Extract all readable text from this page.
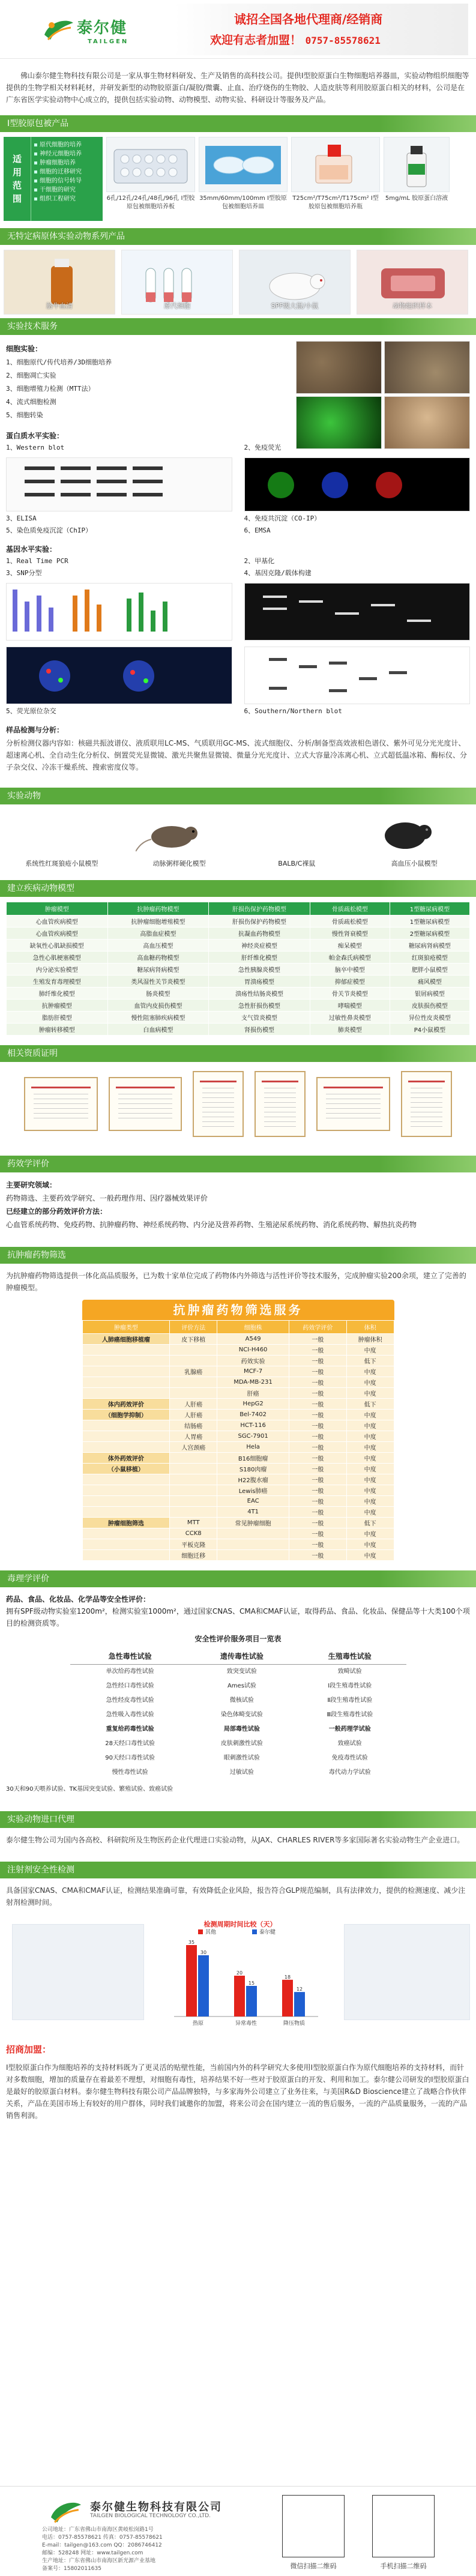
泰尔健
TAILGEN
诚招全国各地代理商/经销商
欢迎有志者加盟！ 0757-85578621
佛山泰尔健生物科技有限公司是一家从事生物材料研发、生产及销售的高科技公司。提供Ⅰ型胶原蛋白生物细胞培养器皿，实验动物组织细胞等提供的生物学相关材料耗材，并研发新型的动物胶原蛋白/凝胶/微囊、止血、治疗烧伤的生物胶、人造皮肤等利用胶原蛋白相关的材料，公司是在广东省医学实验动物中心成立的，提供包括实验动物、动物模型、动物实验、科研设计等服务及产品。
Ⅰ型胶原包被产品
适
用
范
围
▪ 原代细胞的培养
▪ 神经元细胞培养
▪ 肿瘤细胞培养
▪ 细胞的迁移研究
▪ 细胞的信号转导
▪ 干细胞的研究
▪ 组织工程研究	6孔/12孔/24孔/48孔/96孔 Ⅰ型胶原包被细胞培养板
35mm/60mm/100mm Ⅰ型胶原包被细胞培养皿
T25cm²/T75cm²/T175cm² Ⅰ型胶原包被细胞培养瓶
5mg/mL 胶原蛋白溶液
无特定病原体实验动物系列产品
胎牛血清	原代细胞	SPF级大鼠/小鼠	动物组织样本
实验技术服务
细胞实验：
1、细胞原代/传代培养/3D细胞培养
2、细胞凋亡实验
3、细胞增殖力检测（MTT法）
4、流式细胞检测
5、细胞转染
蛋白质水平实验：
1、Western blot	2、免疫荧光
3、ELISA	4、免疫共沉淀（CO-IP）
5、染色质免疫沉淀（ChIP）	6、EMSA
基因水平实验：
1、Real Time PCR	2、甲基化
3、SNP分型	4、基因克隆/载体构建
5、荧光原位杂交	6、Southern/Northern blot
样品检测与分析：
分析检测仪器内容如：核磁共振波谱仪、液质联用LC-MS、气质联用GC-MS、流式细胞仪、分析/制备型高效液相色谱仪、紫外可见分光光度计、超速离心机、全自动生化分析仪、倒置荧光显微镜、激光共聚焦显微镜、微量分光光度计、立式大容量冷冻离心机、立式超低温冰箱、酶标仪、分子杂交仪、冷冻干燥系统、搜索密度仪等。
实验动物
系统性红斑狼疮小鼠模型	动脉粥样硬化模型	BALB/C裸鼠	高血压小鼠模型
建立疾病动物模型
肿瘤模型	抗肿瘤药物模型	肝损伤保护药物模型	骨质疏松模型	1型糖尿病模型
心血管疾病模型	抗肿瘤细胞增殖模型	肝损伤保护药物模型	骨质疏松模型	1型糖尿病模型
心血管疾病模型	高脂血症模型	抗凝血药物模型	慢性肾衰模型	2型糖尿病模型
缺氧性心肌缺损模型	高血压模型	神经炎症模型	痴呆模型	糖尿病肾病模型
急性心肌梗塞模型	高血糖药物模型	肝纤维化模型	帕金森氏病模型	红斑狼疮模型
内分泌实验模型	糖尿病肾病模型	急性胰腺炎模型	脑卒中模型	肥胖小鼠模型
生殖发育毒理模型	类风湿性关节炎模型	胃溃疡模型	抑郁症模型	痛风模型
肺纤维化模型	肠炎模型	溃疡性结肠炎模型	骨关节炎模型	银屑病模型
抗肿瘤模型	血管内皮损伤模型	急性肝损伤模型	哮喘模型	皮肤损伤模型
脂肪肝模型	慢性阻塞肺疾病模型	支气管炎模型	过敏性鼻炎模型	异位性皮炎模型
肿瘤转移模型	白血病模型	肾损伤模型	肺炎模型	P4小鼠模型
相关资质证明
药效学评价
主要研究领域：
药物筛选、主要药效学研究、一般药理作用、因疗器械效果评价
已经建立的部分药效评价方法：
心血管系统药物、免疫药物、抗肿瘤药物、神经系统药物、内分泌及营养药物、生殖泌尿系统药物、消化系统药物、解热抗炎药物
抗肿瘤药物筛选
为抗肿瘤药物筛选提供一体化高品质服务，已为数十家单位完成了药物体内外筛选与活性评价等技术服务，完成肿瘤实验200余项，建立了完善的肿瘤模型。
抗肿瘤药物筛选服务
肿瘤类型	评价方法	细胞株	药效学评价	体积
人肺癌细胞移植瘤	皮下移植	A549	一般	肿瘤体积
		NCI-H460	一般	中度
		药效实验	一般	低下
	乳腺癌	MCF-7	一般	中度
		MDA-MB-231	一般	中度
		肝癌	一般	中度
体内药效评价	人肝癌	HepG2	一般	低下
（细胞学抑制）	人肝癌	Bel-7402	一般	中度
	结肠癌	HCT-116	一般	中度
	人胃癌	SGC-7901	一般	中度
	人宫颈癌	Hela	一般	中度
体外药效评价		B16细胞瘤	一般	中度
（小鼠移植）		S180肉瘤	一般	中度
		H22腹水瘤	一般	中度
		Lewis肺癌	一般	中度
		EAC	一般	中度
		4T1	一般	中度
肿瘤细胞筛选	MTT	常见肿瘤细胞	一般	低下
	CCK8		一般	中度
	平板克隆		一般	中度
	细胞迁移		一般	中度
毒理学评价
药品、食品、化妆品、化学品等安全性评价：
拥有SPF级动物实验室1200m²，检测实验室1000m²，通过国家CNAS、CMA和CMAF认证，取得药品、食品、化妆品、保健品等十大类100个项目的检测资质等。
安全性评价服务项目一览表
急性毒性试验	遗传毒性试验	生殖毒性试验
单次给药毒性试验	致突变试验	致畸试验
急性经口毒性试验	Ames试验	Ⅰ段生殖毒性试验
急性经皮毒性试验	微核试验	Ⅱ段生殖毒性试验
急性吸入毒性试验	染色体畸变试验	Ⅲ段生殖毒性试验
重复给药毒性试验	局部毒性试验	一般药理学试验
28天经口毒性试验	皮肤刺激性试验	致癌试验
90天经口毒性试验	眼刺激性试验	免疫毒性试验
慢性毒性试验	过敏试验	毒代动力学试验
30天和90天喂养试验、TK基因突变试验、繁殖试验、致癌试验
实验动物进口代理
泰尔健生物公司为国内各高校、科研院所及生物医药企业代理进口实验动物，从JAX、CHARLES RIVER等多家国际著名实验动物生产企业进口。
注射剂安全性检测
具备国家CNAS、CMA和CMAF认证，检测结果准确可靠，有效降低企业风险，报告符合GLP规范编制，具有法律效力，提供的检测速度、减少注射剂检测时间。
检测周期时间比较（天）
35
30
热原
20
15
异常毒性
18
12
降压物质
其他	泰尔健
招商加盟：
Ⅰ型胶原蛋白作为细胞培养的支持材料既为了更灵活的贴壁性能，当前国内外的科学研究大多使用Ⅰ型胶原蛋白作为原代细胞培养的支持材料，而针对多数细胞，增加的质量存在着最差不理想，对细胞有毒性，培养结果不好一些对于胶原蛋白的开发、利用和加工。泰尔健公司研发的Ⅰ型胶原蛋白是最好的胶原蛋白材料。泰尔健生物科技有限公司产品品牌独特，与多家海外公司建立了业务往来，与美国R&D Bioscience建立了战略合作伙伴关系，产品在美国市场上有较好的用户群体，同时我们诚邀你的加盟，将来公司会在国内建立一流的售后服务，一流的产品质量服务，一流的产品销售利润。
泰尔健生物科技有限公司
TAILGEN BIOLOGICAL TECHNOLOGY CO.,LTD.
公司地址：广东省佛山市南海区黄岐松岗路1号
电话：0757-85578621 传真：0757-85578621
E-mail：tailgen@163.com QQ：2086746412
邮编：528248 网址：www.tailgen.com
生产地址：广东省佛山市南海区新光源产业基地
备案号：15802011635	微信扫描二维码	手机扫描二维码
